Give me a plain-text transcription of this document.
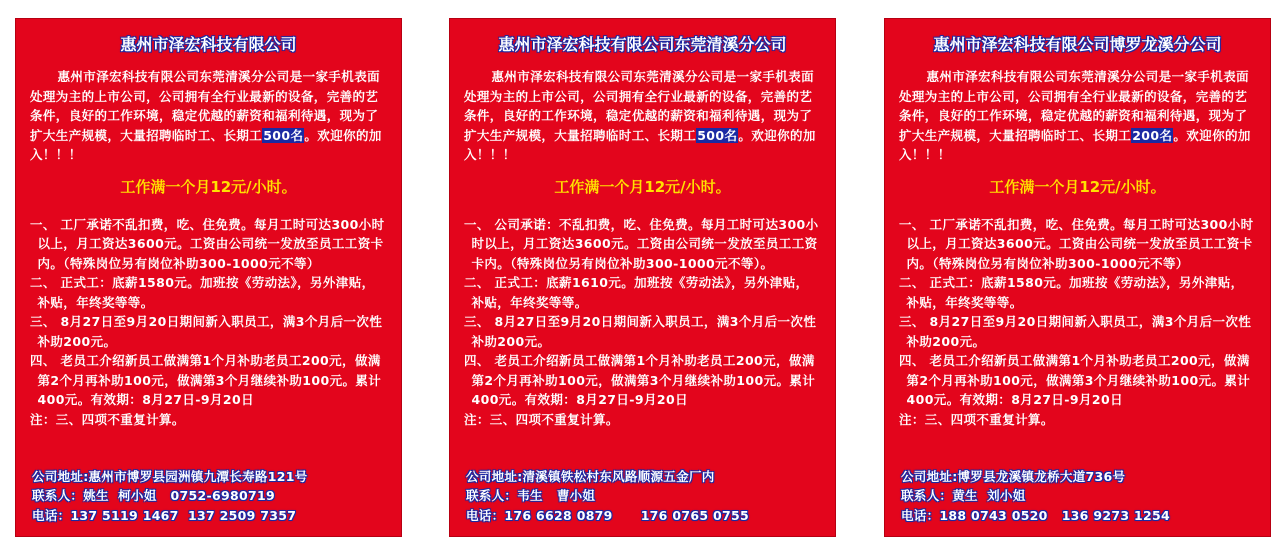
惠州市泽宏科技有限公司

惠州市泽宏科技有限公司东莞清溪分公司是一家手机表面处理为主的上市公司，公司拥有全行业最新的设备，完善的艺条件，良好的工作环境，稳定优越的薪资和福利待遇，现为了扩大生产规模，大量招聘临时工、长期工500名。欢迎你的加入！！！

工作满一个月12元/小时。

一、 工厂承诺不乱扣费，吃、住免费。每月工时可达300小时以上，月工资达3600元。工资由公司统一发放至员工工资卡内。（特殊岗位另有岗位补助300-1000元不等）

二、 正式工：底薪1580元。加班按《劳动法》，另外津贴，补贴，年终奖等等。

三、 8月27日至9月20日期间新入职员工，满3个月后一次性补助200元。

四、 老员工介绍新员工做满第1个月补助老员工200元，做满第2个月再补助100元，做满第3个月继续补助100元。累计400元。有效期：8月27日-9月20日

注：三、四项不重复计算。

公司地址:惠州市博罗县园洲镇九潭长寿路121号
联系人：姚生 柯小姐 0752-6980719
电话：137 5119 1467 137 2509 7357
惠州市泽宏科技有限公司东莞清溪分公司

惠州市泽宏科技有限公司东莞清溪分公司是一家手机表面处理为主的上市公司，公司拥有全行业最新的设备，完善的艺条件，良好的工作环境，稳定优越的薪资和福利待遇，现为了扩大生产规模，大量招聘临时工、长期工500名。欢迎你的加入！！！

工作满一个月12元/小时。

一、 公司承诺：不乱扣费，吃、住免费。每月工时可达300小时以上，月工资达3600元。工资由公司统一发放至员工工资卡内。（特殊岗位另有岗位补助300-1000元不等）。

二、 正式工：底薪1610元。加班按《劳动法》，另外津贴，补贴，年终奖等等。

三、 8月27日至9月20日期间新入职员工，满3个月后一次性补助200元。

四、 老员工介绍新员工做满第1个月补助老员工200元，做满第2个月再补助100元，做满第3个月继续补助100元。累计400元。有效期：8月27日-9月20日

注：三、四项不重复计算。

公司地址:清溪镇铁松村东风路顺源五金厂内
联系人：韦生 曹小姐
电话：176 6628 0879 176 0765 0755
惠州市泽宏科技有限公司博罗龙溪分公司

惠州市泽宏科技有限公司东莞清溪分公司是一家手机表面处理为主的上市公司，公司拥有全行业最新的设备，完善的艺条件，良好的工作环境，稳定优越的薪资和福利待遇，现为了扩大生产规模，大量招聘临时工、长期工200名。欢迎你的加入！！！

工作满一个月12元/小时。

一、 工厂承诺不乱扣费，吃、住免费。每月工时可达300小时以上，月工资达3600元。工资由公司统一发放至员工工资卡内。（特殊岗位另有岗位补助300-1000元不等）

二、 正式工：底薪1580元。加班按《劳动法》，另外津贴，补贴，年终奖等等。

三、 8月27日至9月20日期间新入职员工，满3个月后一次性补助200元。

四、 老员工介绍新员工做满第1个月补助老员工200元，做满第2个月再补助100元，做满第3个月继续补助100元。累计400元。有效期：8月27日-9月20日

注：三、四项不重复计算。

公司地址:博罗县龙溪镇龙桥大道736号
联系人：黄生 刘小姐
电话：188 0743 0520 136 9273 1254
